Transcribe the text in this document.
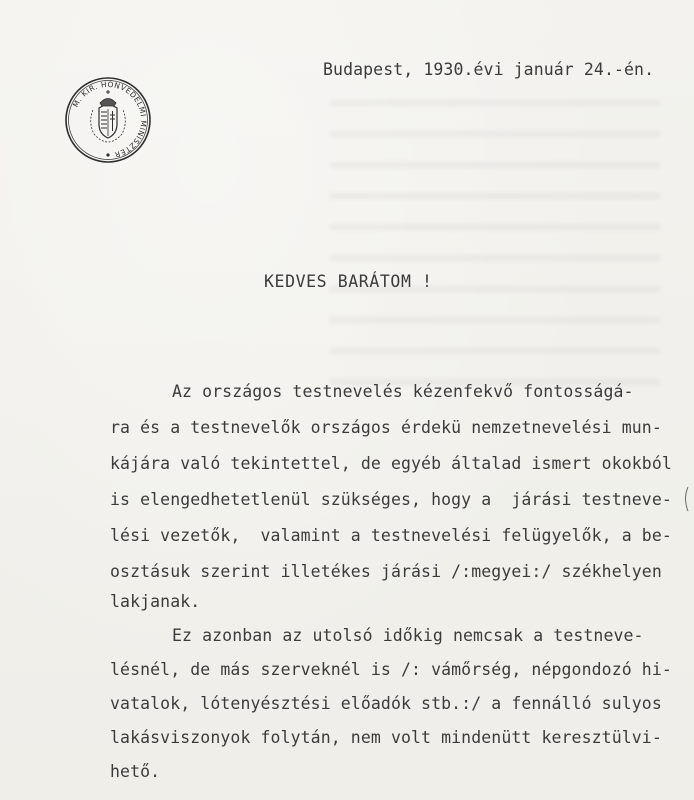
M. KIR. HONVÉDELMI MINISZTER
Budapest, 1930.évi január 24.-én.
KEDVES BARÁTOM !
Az országos testnevelés kézenfekvő fontosságá-
ra és a testnevelők országos érdekü nemzetnevelési mun-
kájára való tekintettel, de egyéb általad ismert okokból
is elengedhetetlenül szükséges, hogy a  járási testneve-
lési vezetők,  valamint a testnevelési felügyelők, a be-
osztásuk szerint illetékes járási /:megyei:/ székhelyen
lakjanak.
Ez azonban az utolsó időkig nemcsak a testneve-
lésnél, de más szerveknél is /: vámőrség, népgondozó hi-
vatalok, lótenyésztési előadók stb.:/ a fennálló sulyos
lakásviszonyok folytán, nem volt mindenütt keresztülvi-
hető.
